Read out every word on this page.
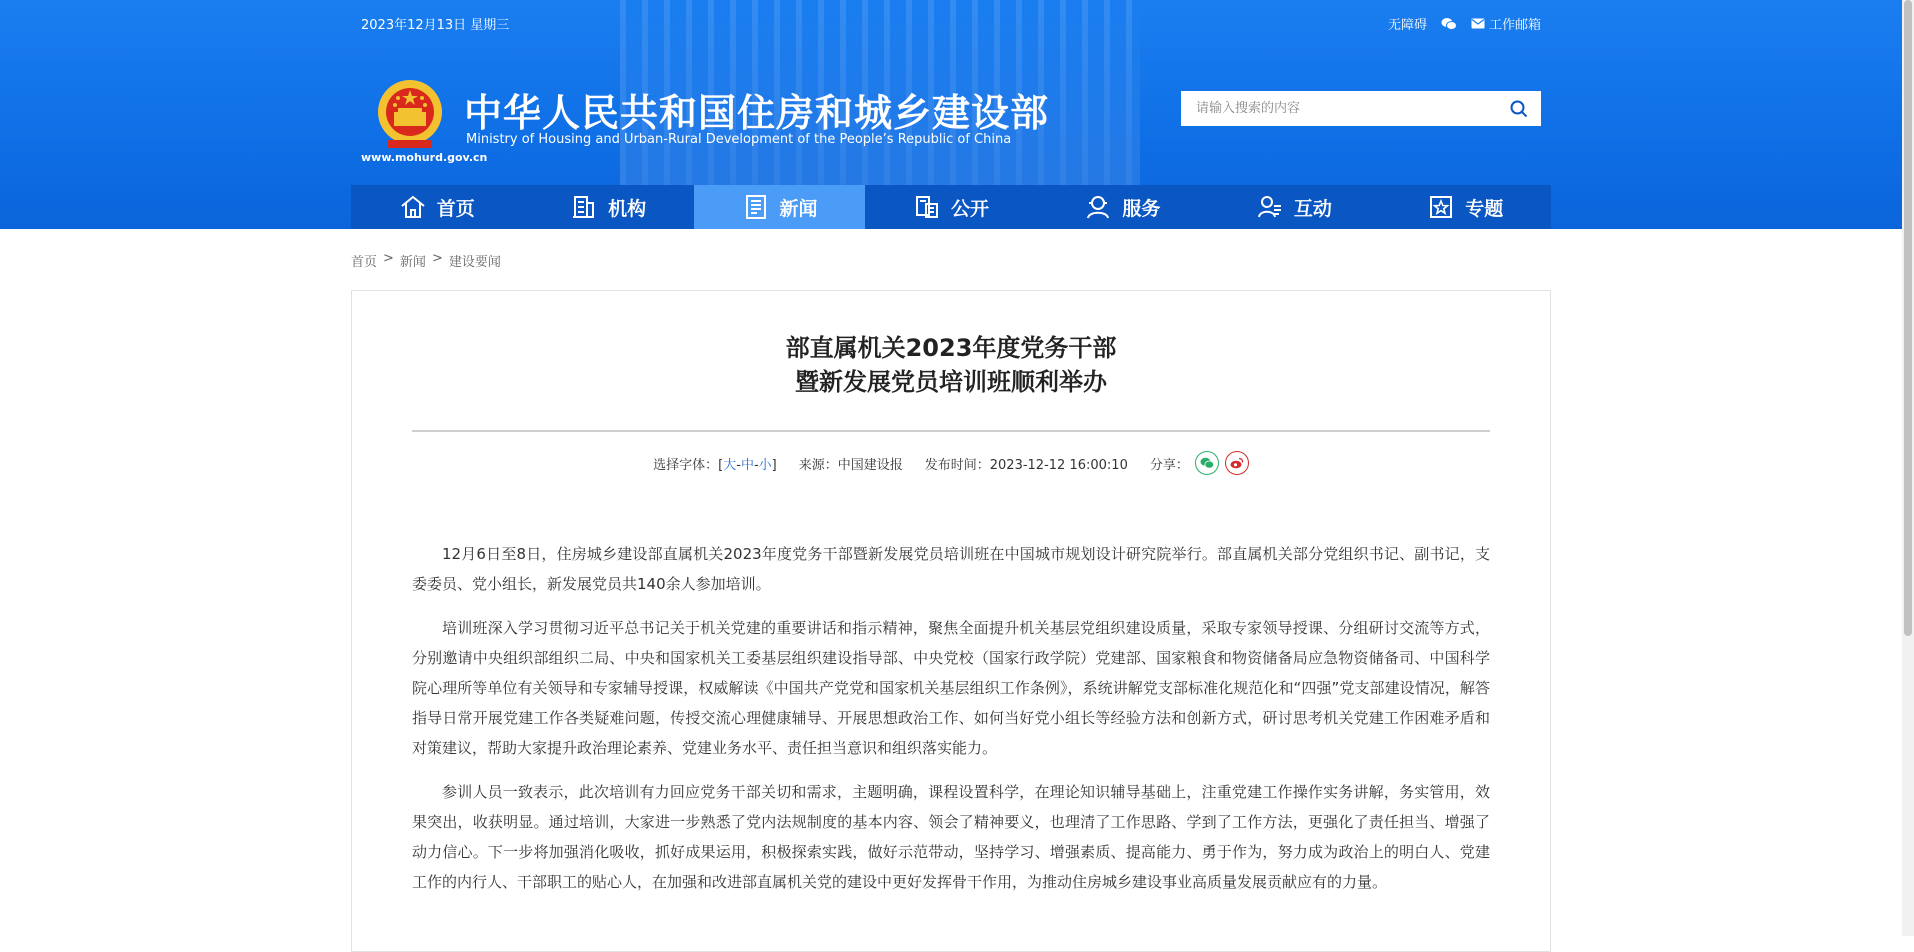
2023年12月13日 星期三	无障碍	工作邮箱
www.mohurd.gov.cn
中华人民共和国住房和城乡建设部
Ministry of Housing and Urban-Rural Development of the People’s Republic of China
请输入搜索的内容
首页	机构	新闻	公开	服务	互动	专题
首页 > 新闻 > 建设要闻
部直属机关2023年度党务干部
暨新发展党员培训班顺利举办
选择字体：[大-中-小] 来源：中国建设报 发布时间：2023-12-12 16:00:10 分享：

12月6日至8日，住房城乡建设部直属机关2023年度党务干部暨新发展党员培训班在中国城市规划设计研究院举行。部直属机关部分党组织书记、副书记，支委委员、党小组长，新发展党员共140余人参加培训。

培训班深入学习贯彻习近平总书记关于机关党建的重要讲话和指示精神，聚焦全面提升机关基层党组织建设质量，采取专家领导授课、分组研讨交流等方式，分别邀请中央组织部组织二局、中央和国家机关工委基层组织建设指导部、中央党校（国家行政学院）党建部、国家粮食和物资储备局应急物资储备司、中国科学院心理所等单位有关领导和专家辅导授课，权威解读《中国共产党党和国家机关基层组织工作条例》，系统讲解党支部标准化规范化和“四强”党支部建设情况，解答指导日常开展党建工作各类疑难问题，传授交流心理健康辅导、开展思想政治工作、如何当好党小组长等经验方法和创新方式，研讨思考机关党建工作困难矛盾和对策建议，帮助大家提升政治理论素养、党建业务水平、责任担当意识和组织落实能力。

参训人员一致表示，此次培训有力回应党务干部关切和需求，主题明确，课程设置科学，在理论知识辅导基础上，注重党建工作操作实务讲解，务实管用，效果突出，收获明显。通过培训，大家进一步熟悉了党内法规制度的基本内容、领会了精神要义，也理清了工作思路、学到了工作方法，更强化了责任担当、增强了动力信心。下一步将加强消化吸收，抓好成果运用，积极探索实践，做好示范带动，坚持学习、增强素质、提高能力、勇于作为，努力成为政治上的明白人、党建工作的内行人、干部职工的贴心人，在加强和改进部直属机关党的建设中更好发挥骨干作用，为推动住房城乡建设事业高质量发展贡献应有的力量。
